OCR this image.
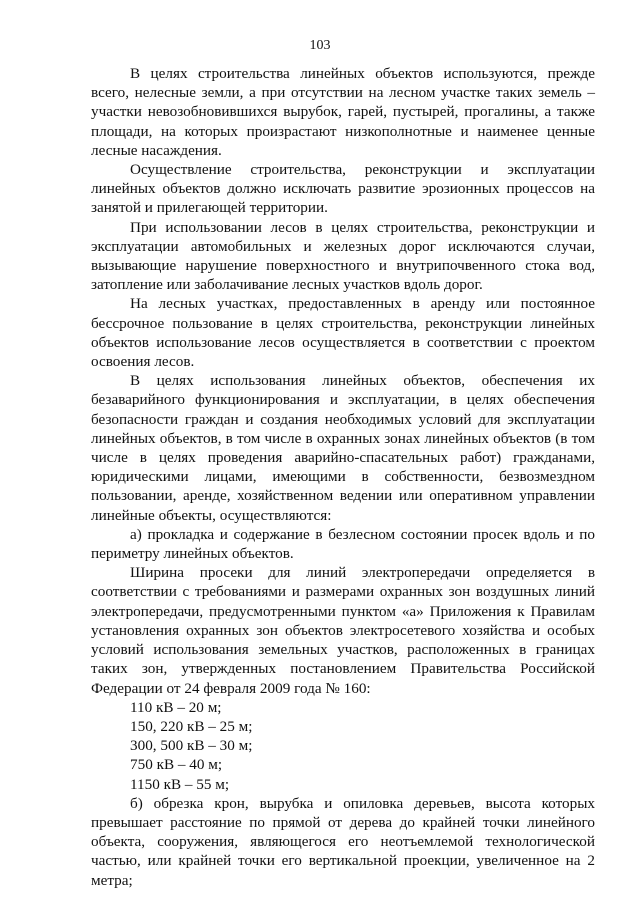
103

В целях строительства линейных объектов используются, прежде всего, нелесные земли, а при отсутствии на лесном участке таких земель – участки невозобновившихся вырубок, гарей, пустырей, прогалины, а также площади, на которых произрастают низкополнотные и наименее ценные лесные насаждения.

Осуществление строительства, реконструкции и эксплуатации линейных объектов должно исключать развитие эрозионных процессов на занятой и прилегающей территории.

При использовании лесов в целях строительства, реконструкции и эксплуатации автомобильных и железных дорог исключаются случаи, вызывающие нарушение поверхностного и внутрипочвенного стока вод, затопление или заболачивание лесных участков вдоль дорог.

На лесных участках, предоставленных в аренду или постоянное бессрочное пользование в целях строительства, реконструкции линейных объектов использование лесов осуществляется в соответствии с проектом освоения лесов.

В целях использования линейных объектов, обеспечения их безаварийного функционирования и эксплуатации, в целях обеспечения безопасности граждан и создания необходимых условий для эксплуатации линейных объектов, в том числе в охранных зонах линейных объектов (в том числе в целях проведения аварийно-спасательных работ) гражданами, юридическими лицами, имеющими в собственности, безвозмездном пользовании, аренде, хозяйственном ведении или оперативном управлении линейные объекты, осуществляются:

а) прокладка и содержание в безлесном состоянии просек вдоль и по периметру линейных объектов.

Ширина просеки для линий электропередачи определяется в соответствии с требованиями и размерами охранных зон воздушных линий электропередачи, предусмотренными пунктом «а» Приложения к Правилам установления охранных зон объектов электросетевого хозяйства и особых условий использования земельных участков, расположенных в границах таких зон, утвержденных постановлением Правительства Российской Федерации от 24 февраля 2009 года № 160:

110 кВ – 20 м;

150, 220 кВ – 25 м;

300, 500 кВ – 30 м;

750 кВ – 40 м;

1150 кВ – 55 м;

б) обрезка крон, вырубка и опиловка деревьев, высота которых превышает расстояние по прямой от дерева до крайней точки линейного объекта, сооружения, являющегося его неотъемлемой технологической частью, или крайней точки его вертикальной проекции, увеличенное на 2 метра;
